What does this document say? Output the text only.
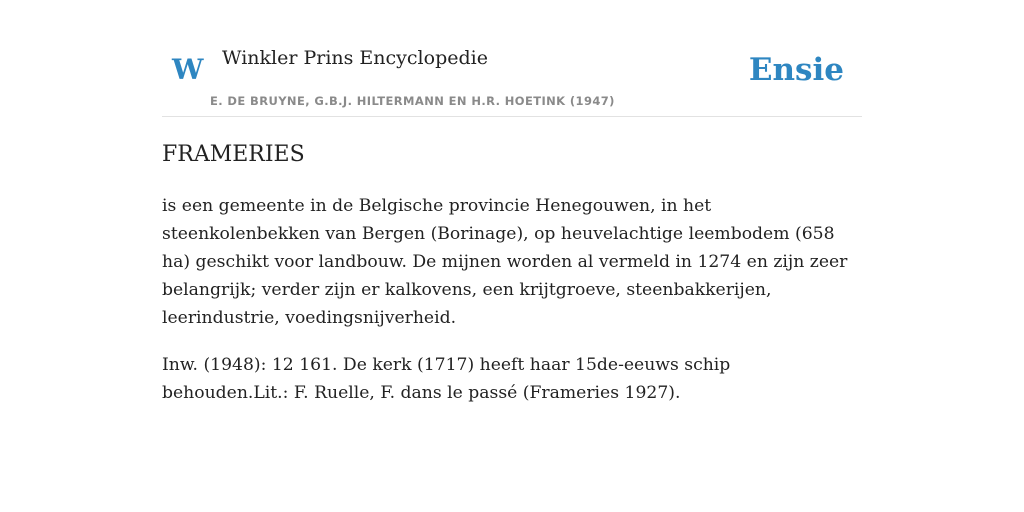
W Winkler Prins Encyclopedie
E. DE BRUYNE, G.B.J. HILTERMANN EN H.R. HOETINK (1947)
Ensie
FRAMERIES

is een gemeente in de Belgische provincie Henegouwen, in het steenkolenbekken van Bergen (Borinage), op heuvelachtige leembodem (658 ha) geschikt voor landbouw. De mijnen worden al vermeld in 1274 en zijn zeer belangrijk; verder zijn er kalkovens, een krijtgroeve, steenbakkerijen, leerindustrie, voedingsnijverheid.

Inw. (1948): 12 161. De kerk (1717) heeft haar 15de-eeuws schip behouden.Lit.: F. Ruelle, F. dans le passé (Frameries 1927).
